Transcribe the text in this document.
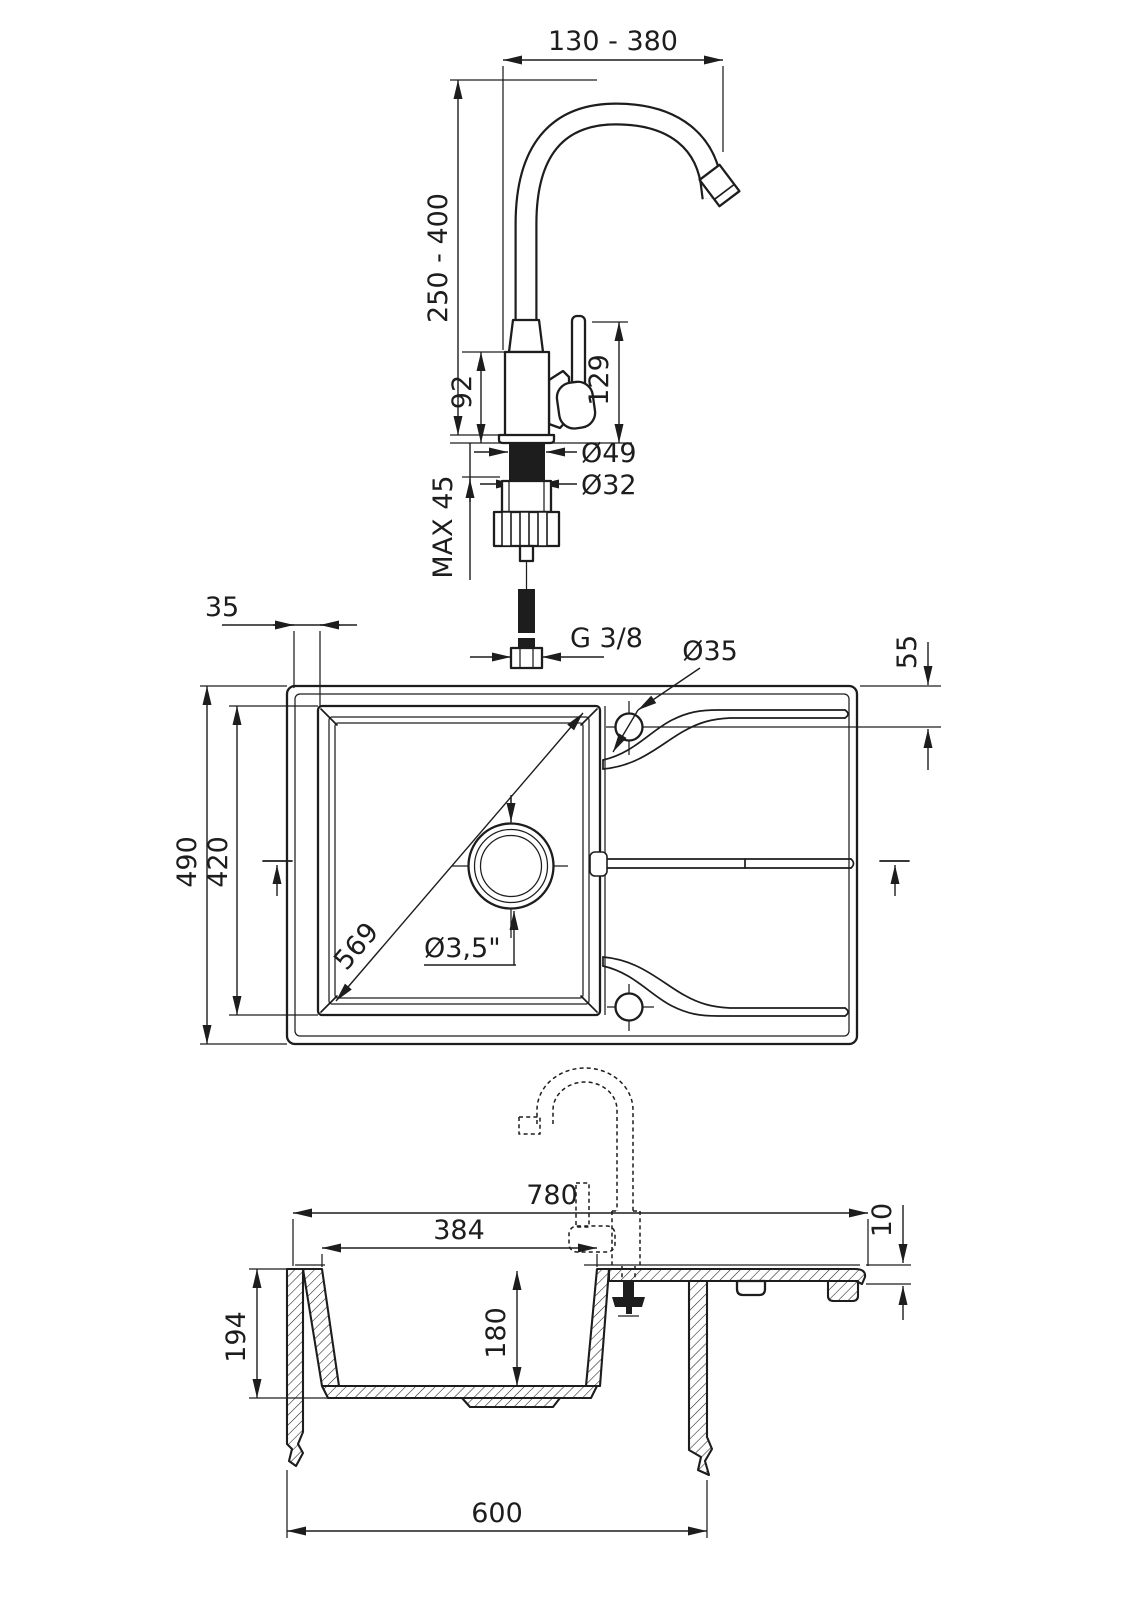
130 - 380
250 - 400
92	129
Ø49
Ø32
MAX 45
G 3/8 Ø35	55
Ø3,5"
569
35
490 420
780
384	10
194	180
600
